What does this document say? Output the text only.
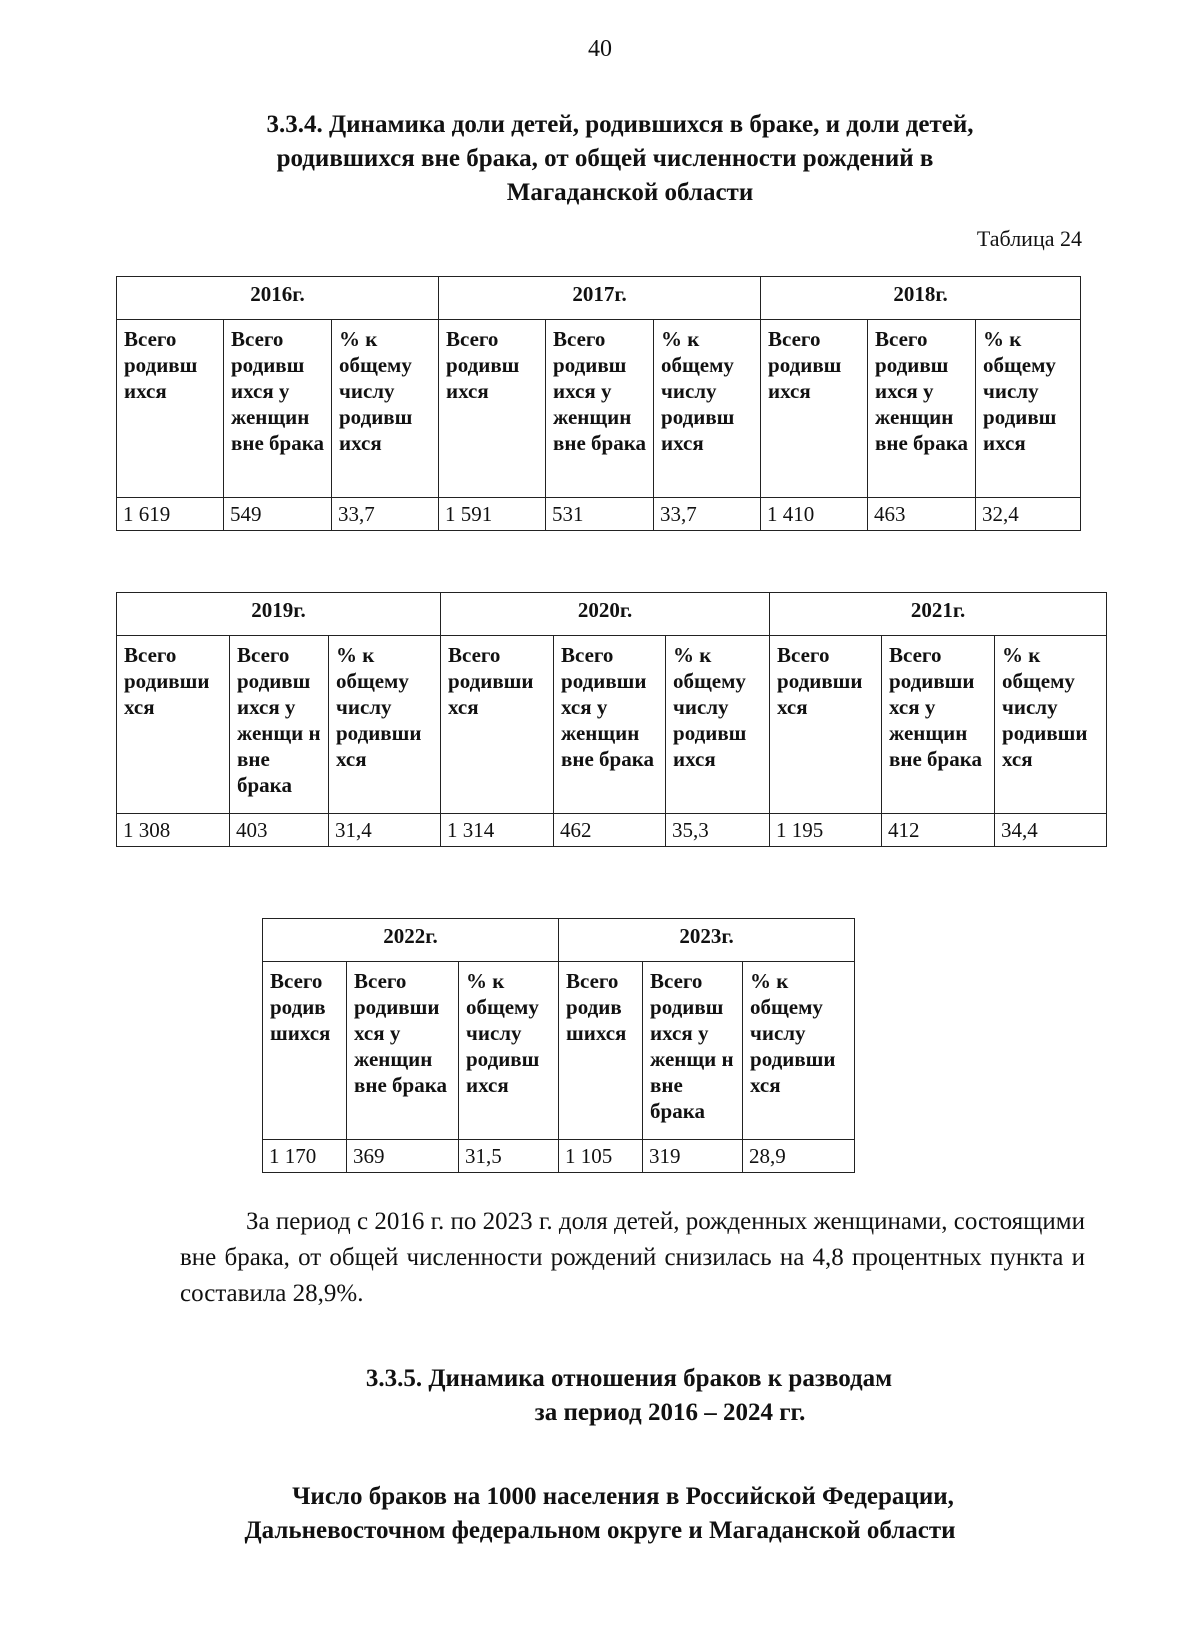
40
3.3.4. Динамика доли детей, родившихся в браке, и доли детей,
родившихся вне брака, от общей численности рождений в
Магаданской области
Таблица 24
2016г.			2017г.			2018г.		
Всего родивш ихся	Всего родивш ихся у женщин вне брака	% к общему числу родивш ихся	Всего родивш ихся	Всего родивш ихся у женщин вне брака	% к общему числу родивш ихся	Всего родивш ихся	Всего родивш ихся у женщин вне брака	% к общему числу родивш ихся
1 619	549	33,7	1 591	531	33,7	1 410	463	32,4
2019г.			2020г.			2021г.		
Всего родивши хся	Всего родивш ихся у женщи н вне брака	% к общему числу родивши хся	Всего родивши хся	Всего родивши хся у женщин вне брака	% к общему числу родивш ихся	Всего родивши хся	Всего родивши хся у женщин вне брака	% к общему числу родивши хся
1 308	403	31,4	1 314	462	35,3	1 195	412	34,4
2022г.			2023г.		
Всего родив шихся	Всего родивши хся у женщин вне брака	% к общему числу родивш ихся	Всего родив шихся	Всего родивш ихся у женщи н вне брака	% к общему числу родивши хся
1 170	369	31,5	1 105	319	28,9
За период с 2016 г. по 2023 г. доля детей, рожденных женщинами, состоящими вне брака, от общей численности рождений снизилась на 4,8 процентных пункта и составила 28,9%.
3.3.5. Динамика отношения браков к разводам
за период 2016 – 2024 гг.
Число браков на 1000 населения в Российской Федерации,
Дальневосточном федеральном округе и Магаданской области
